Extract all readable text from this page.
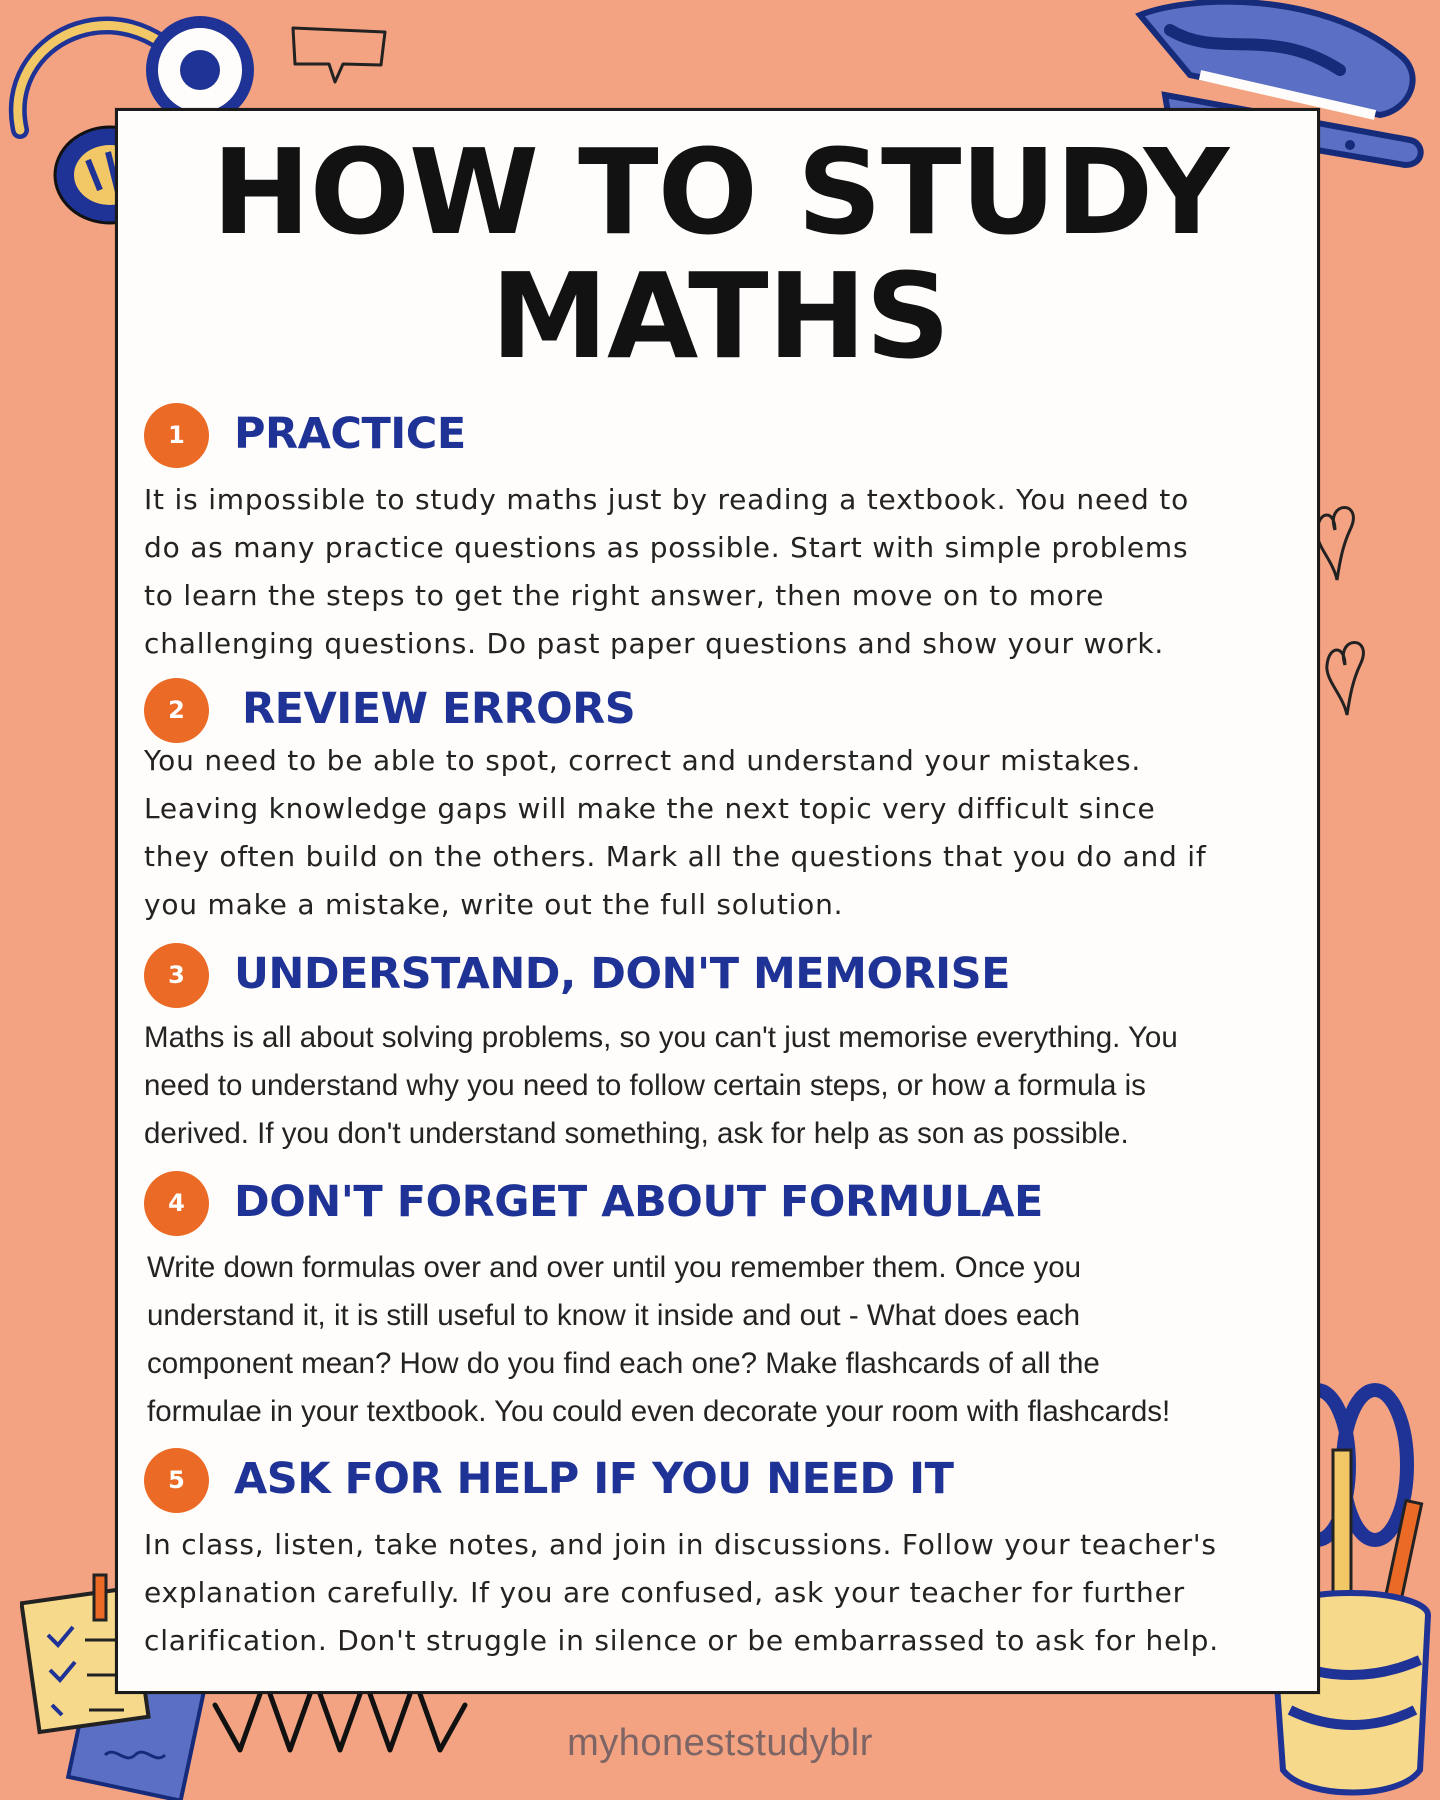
HOW TO STUDY
MATHS
1	PRACTICE

It is impossible to study maths just by reading a textbook. You need to
do as many practice questions as possible. Start with simple problems
to learn the steps to get the right answer, then move on to more
challenging questions. Do past paper questions and show your work.

2	REVIEW ERRORS

You need to be able to spot, correct and understand your mistakes.
Leaving knowledge gaps will make the next topic very difficult since
they often build on the others. Mark all the questions that you do and if
you make a mistake, write out the full solution.

3	UNDERSTAND, DON'T MEMORISE

Maths is all about solving problems, so you can't just memorise everything. You
need to understand why you need to follow certain steps, or how a formula is
derived. If you don't understand something, ask for help as son as possible.

4	DON'T FORGET ABOUT FORMULAE

Write down formulas over and over until you remember them. Once you
understand it, it is still useful to know it inside and out - What does each
component mean? How do you find each one? Make flashcards of all the
formulae in your textbook. You could even decorate your room with flashcards!

5	ASK FOR HELP IF YOU NEED IT

In class, listen, take notes, and join in discussions. Follow your teacher's
explanation carefully. If you are confused, ask your teacher for further
clarification. Don't struggle in silence or be embarrassed to ask for help.

myhoneststudyblr
